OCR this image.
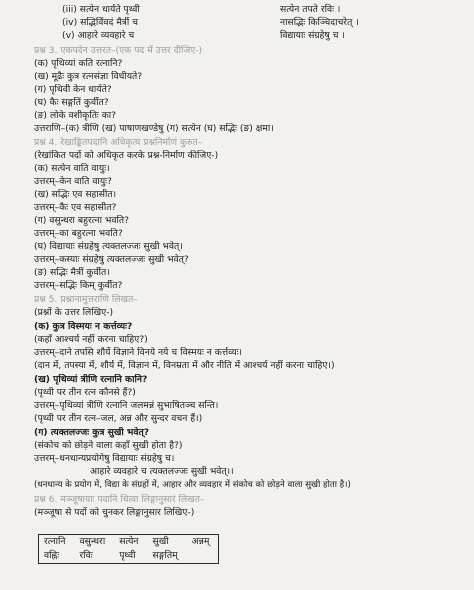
(iii) सत्येन धार्यते पृथ्वी	सत्येन तपते रविः ।
(iv) सद्भिर्विवदं मैत्रीं च	नासद्भिः किञ्चिदाचरेत् ।
(v) आहारे व्यवहारे च	विद्यायाः संग्रहेषु च ।
प्रश्न 3. एकपदेन उत्तरत–(एक पद में उत्तर दीजिए-)
(क) पृथिव्यां कति रत्नानि?
(ख) मूढैः कुत्र रत्नसंज्ञा विधीयते?
(ग) पृथिवी केन धार्यते?
(घ) कैः सङ्गतिं कुर्वीत?
(ङ) लोके वशीकृतिः का?
उत्तराणि–(क) त्रीणि (ख) पाषाणखण्डेषु (ग) सत्येन (घ) सद्भिः (ङ) क्षमा।
प्रश्न 4. रेखाङ्कितपदानि अधिकृत्य प्रश्ननिर्माणं कुरुत–
(रेखांकित पदों को अधिकृत करके प्रश्न-निर्माण कीजिए-)
(क) सत्येन वाति वायुः।
उत्तरम्–केन वाति वायुः?
(ख) सद्भिः एव सहासीत।
उत्तरम्–कैः एव सहासीत?
(ग) वसुन्धरा बहुरत्ना भवति?
उत्तरम्–का बहुरत्ना भवति?
(घ) विद्यायाः संग्रहेषु त्यक्तलज्जः सुखी भवेत्।
उत्तरम्–कस्याः संग्रहेषु त्यक्तलज्जः सुखी भवेत्?
(ङ) सद्भिः मैत्रीं कुर्वीत।
उत्तरम्–सद्भिः किम् कुर्वीत?
प्रश्न 5. प्रश्नानामुत्तराणि लिखत–
(प्रश्नों के उत्तर लिखिए-)
(क) कुत्र विस्मयः न कर्त्तव्यः?
(कहाँ आश्चर्य नहीं करना चाहिए?)
उत्तरम्–दाने तपसि शौर्ये विज्ञाने विनये नये च विस्मयः न कर्त्तव्यः।
(दान में, तपस्या में, शौर्य में, विज्ञान में, विनम्रता में और नीति में आश्चर्य नहीं करना चाहिए।)
(ख) पृथिव्यां त्रीणि रत्नानि कानि?
(पृथ्वी पर तीन रत्न कौनसे हैं?)
उत्तरम्–पृथिव्यां त्रीणि रत्नानि जलमन्नं सुभाषितञ्च सन्ति।
(पृथ्वी पर तीन रत्न–जल, अन्न और सुन्दर वचन हैं।)
(ग) त्यक्तलज्जः कुत्र सुखी भवेत्?
(संकोच को छोड़ने वाला कहाँ सुखी होता है?)
उत्तरम्–धनधान्यप्रयोगेषु विद्यायाः संग्रहेषु च।
आहारे व्यवहारे च त्यक्तलज्जः सुखी भवेत्।।
(धनधान्य के प्रयोग में, विद्या के संग्रहों में, आहार और व्यवहार में संकोच को छोड़ने वाला सुखी होता है।)
प्रश्न 6. मञ्जूषायाः पदानि चित्वा लिङ्गानुसारं लिखत–
(मञ्जूषा से पदों को चुनकर लिङ्गानुसार लिखिए-)
रत्नानि	वसुन्धरा	सत्येन	सुखी	अन्नम्
वह्निः	रविः	पृथ्वी	सङ्गतिम्	
